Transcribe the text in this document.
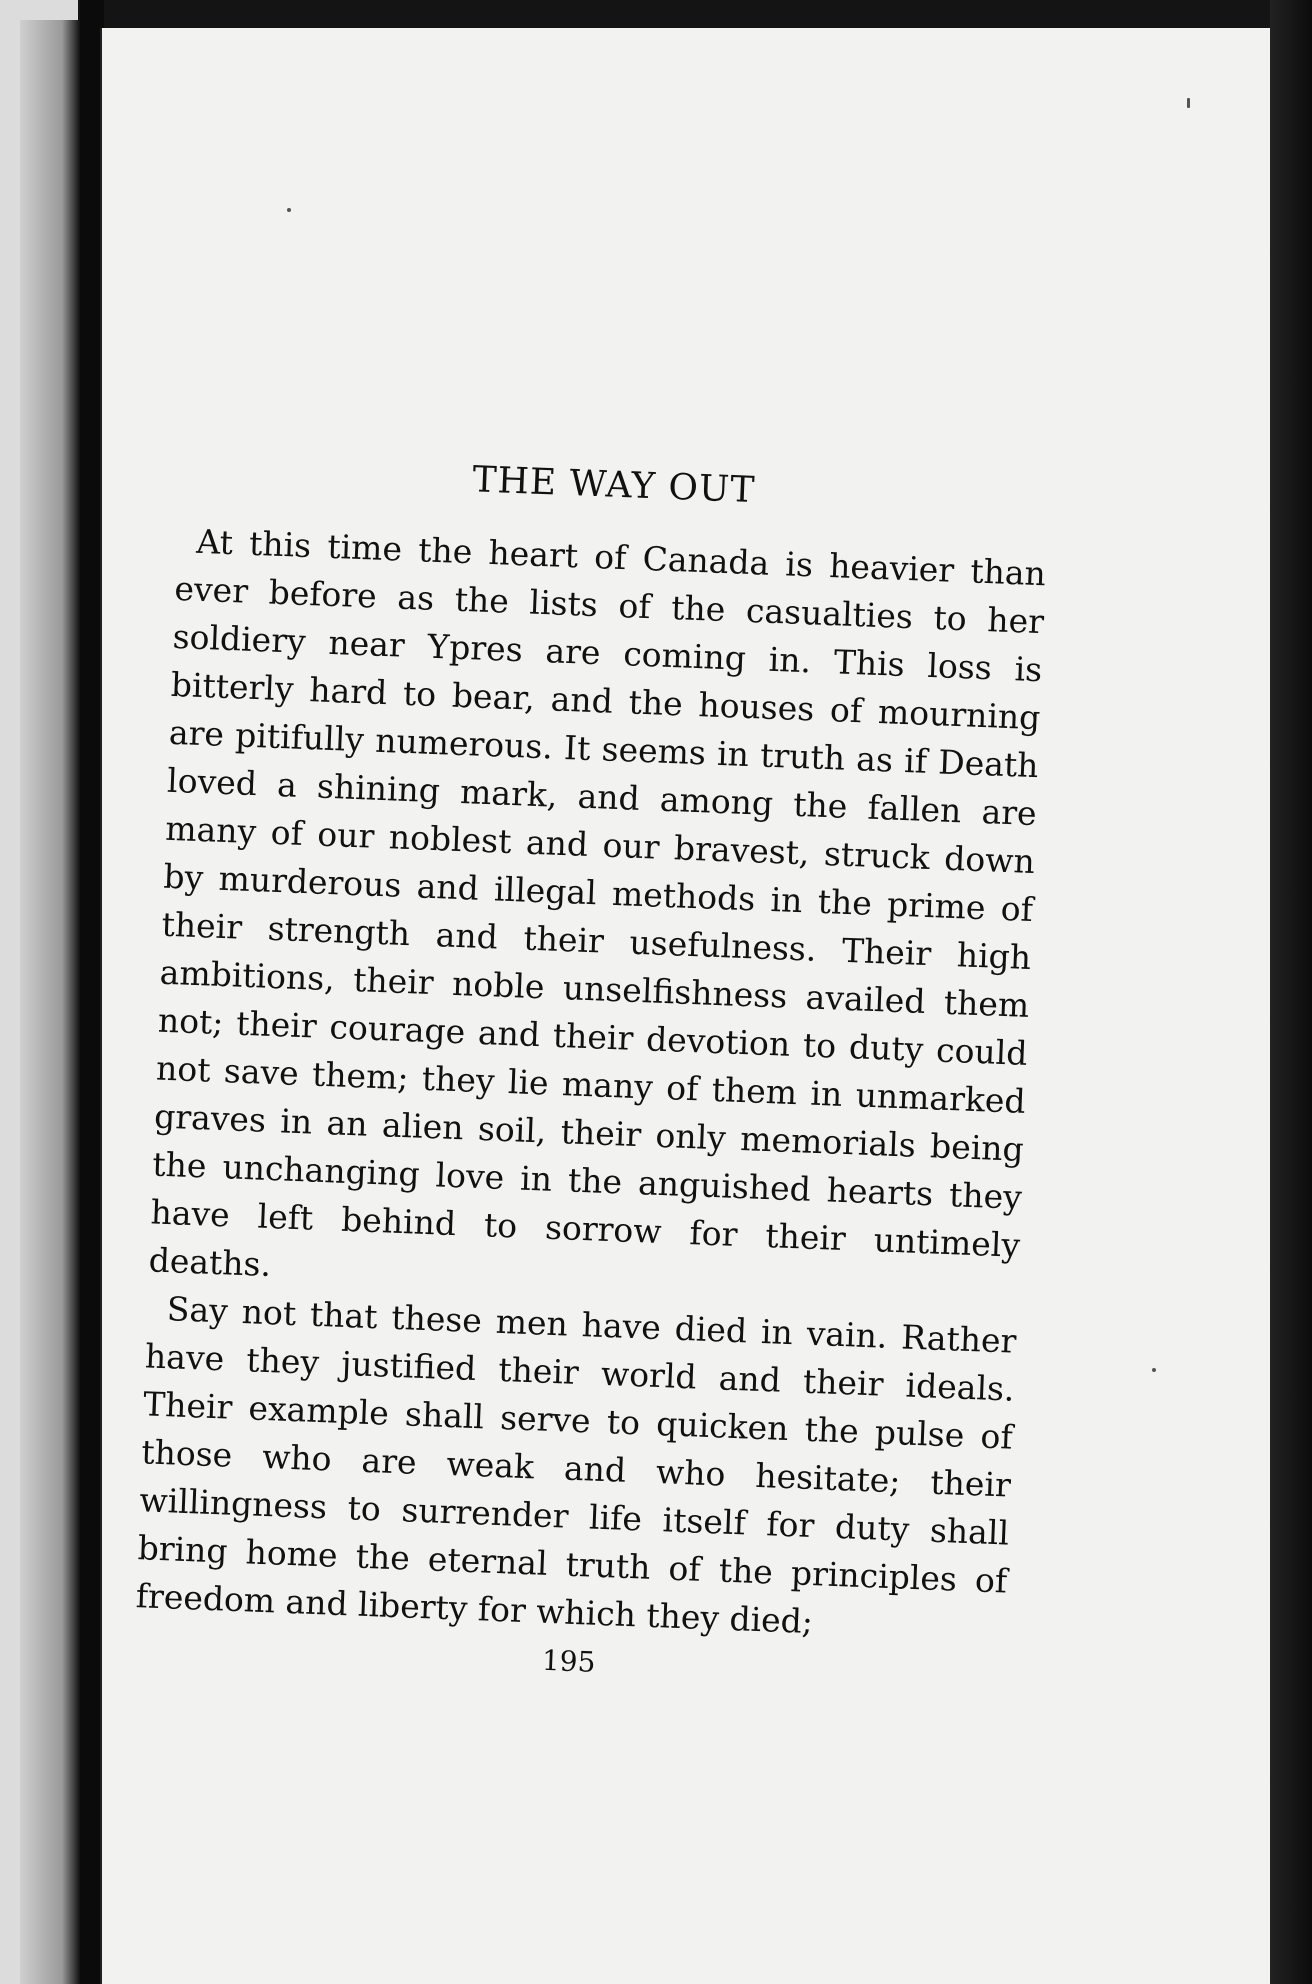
THE WAY OUT

At this time the heart of Canada is heavier than ever before as the lists of the casualties to her soldiery near Ypres are coming in. This loss is bitterly hard to bear, and the houses of mourning are pitifully numerous. It seems in truth as if Death loved a shining mark, and among the fallen are many of our noblest and our bravest, struck down by murderous and illegal methods in the prime of their strength and their usefulness. Their high ambitions, their noble unselfishness availed them not; their courage and their devotion to duty could not save them; they lie many of them in unmarked graves in an alien soil, their only memorials being the unchanging love in the anguished hearts they have left behind to sorrow for their untimely deaths.

Say not that these men have died in vain. Rather have they justified their world and their ideals. Their example shall serve to quicken the pulse of those who are weak and who hesitate; their willingness to surrender life itself for duty shall bring home the eternal truth of the principles of freedom and liberty for which they died;

195
